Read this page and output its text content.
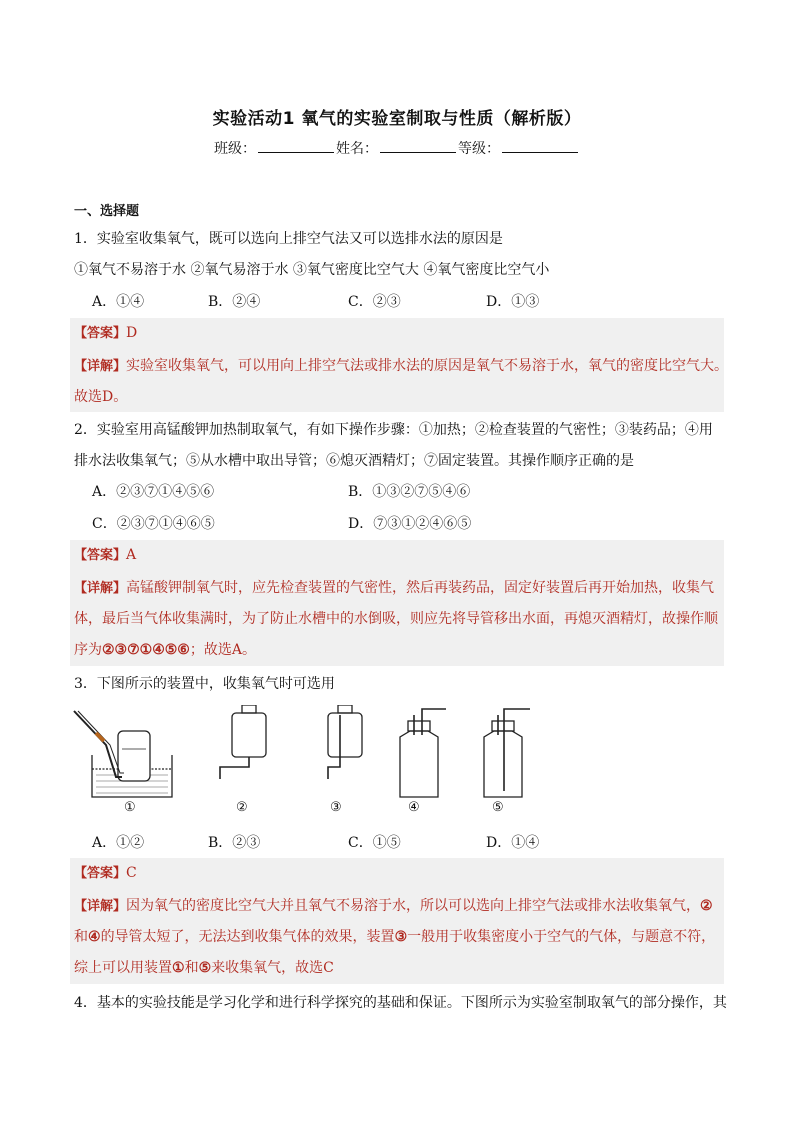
实验活动1 氧气的实验室制取与性质（解析版）
班级：	姓名：	等级：
一、选择题
1．实验室收集氧气，既可以选向上排空气法又可以选排水法的原因是
①氧气不易溶于水 ②氧气易溶于水 ③氧气密度比空气大 ④氧气密度比空气小
A．①④	B．②④	C．②③	D．①③
【答案】D
【详解】实验室收集氧气，可以用向上排空气法或排水法的原因是氧气不易溶于水，氧气的密度比空气大。
故选D。
2．实验室用高锰酸钾加热制取氧气，有如下操作步骤：①加热；②检查装置的气密性；③装药品；④用
排水法收集氧气；⑤从水槽中取出导管；⑥熄灭酒精灯；⑦固定装置。其操作顺序正确的是
A．②③⑦①④⑤⑥	B．①③②⑦⑤④⑥
C．②③⑦①④⑥⑤	D．⑦③①②④⑥⑤
【答案】A
【详解】高锰酸钾制氧气时，应先检查装置的气密性，然后再装药品，固定好装置后再开始加热，收集气
体，最后当气体收集满时，为了防止水槽中的水倒吸，则应先将导管移出水面，再熄灭酒精灯，故操作顺
序为②③⑦①④⑤⑥；故选A。
3．下图所示的装置中，收集氧气时可选用
①	②	③	④	⑤
A．①②	B．②③	C．①⑤	D．①④
【答案】C
【详解】因为氧气的密度比空气大并且氧气不易溶于水，所以可以选向上排空气法或排水法收集氧气，②
和④的导管太短了，无法达到收集气体的效果，装置③一般用于收集密度小于空气的气体，与题意不符，
综上可以用装置①和⑤来收集氧气，故选C
4．基本的实验技能是学习化学和进行科学探究的基础和保证。下图所示为实验室制取氧气的部分操作，其
